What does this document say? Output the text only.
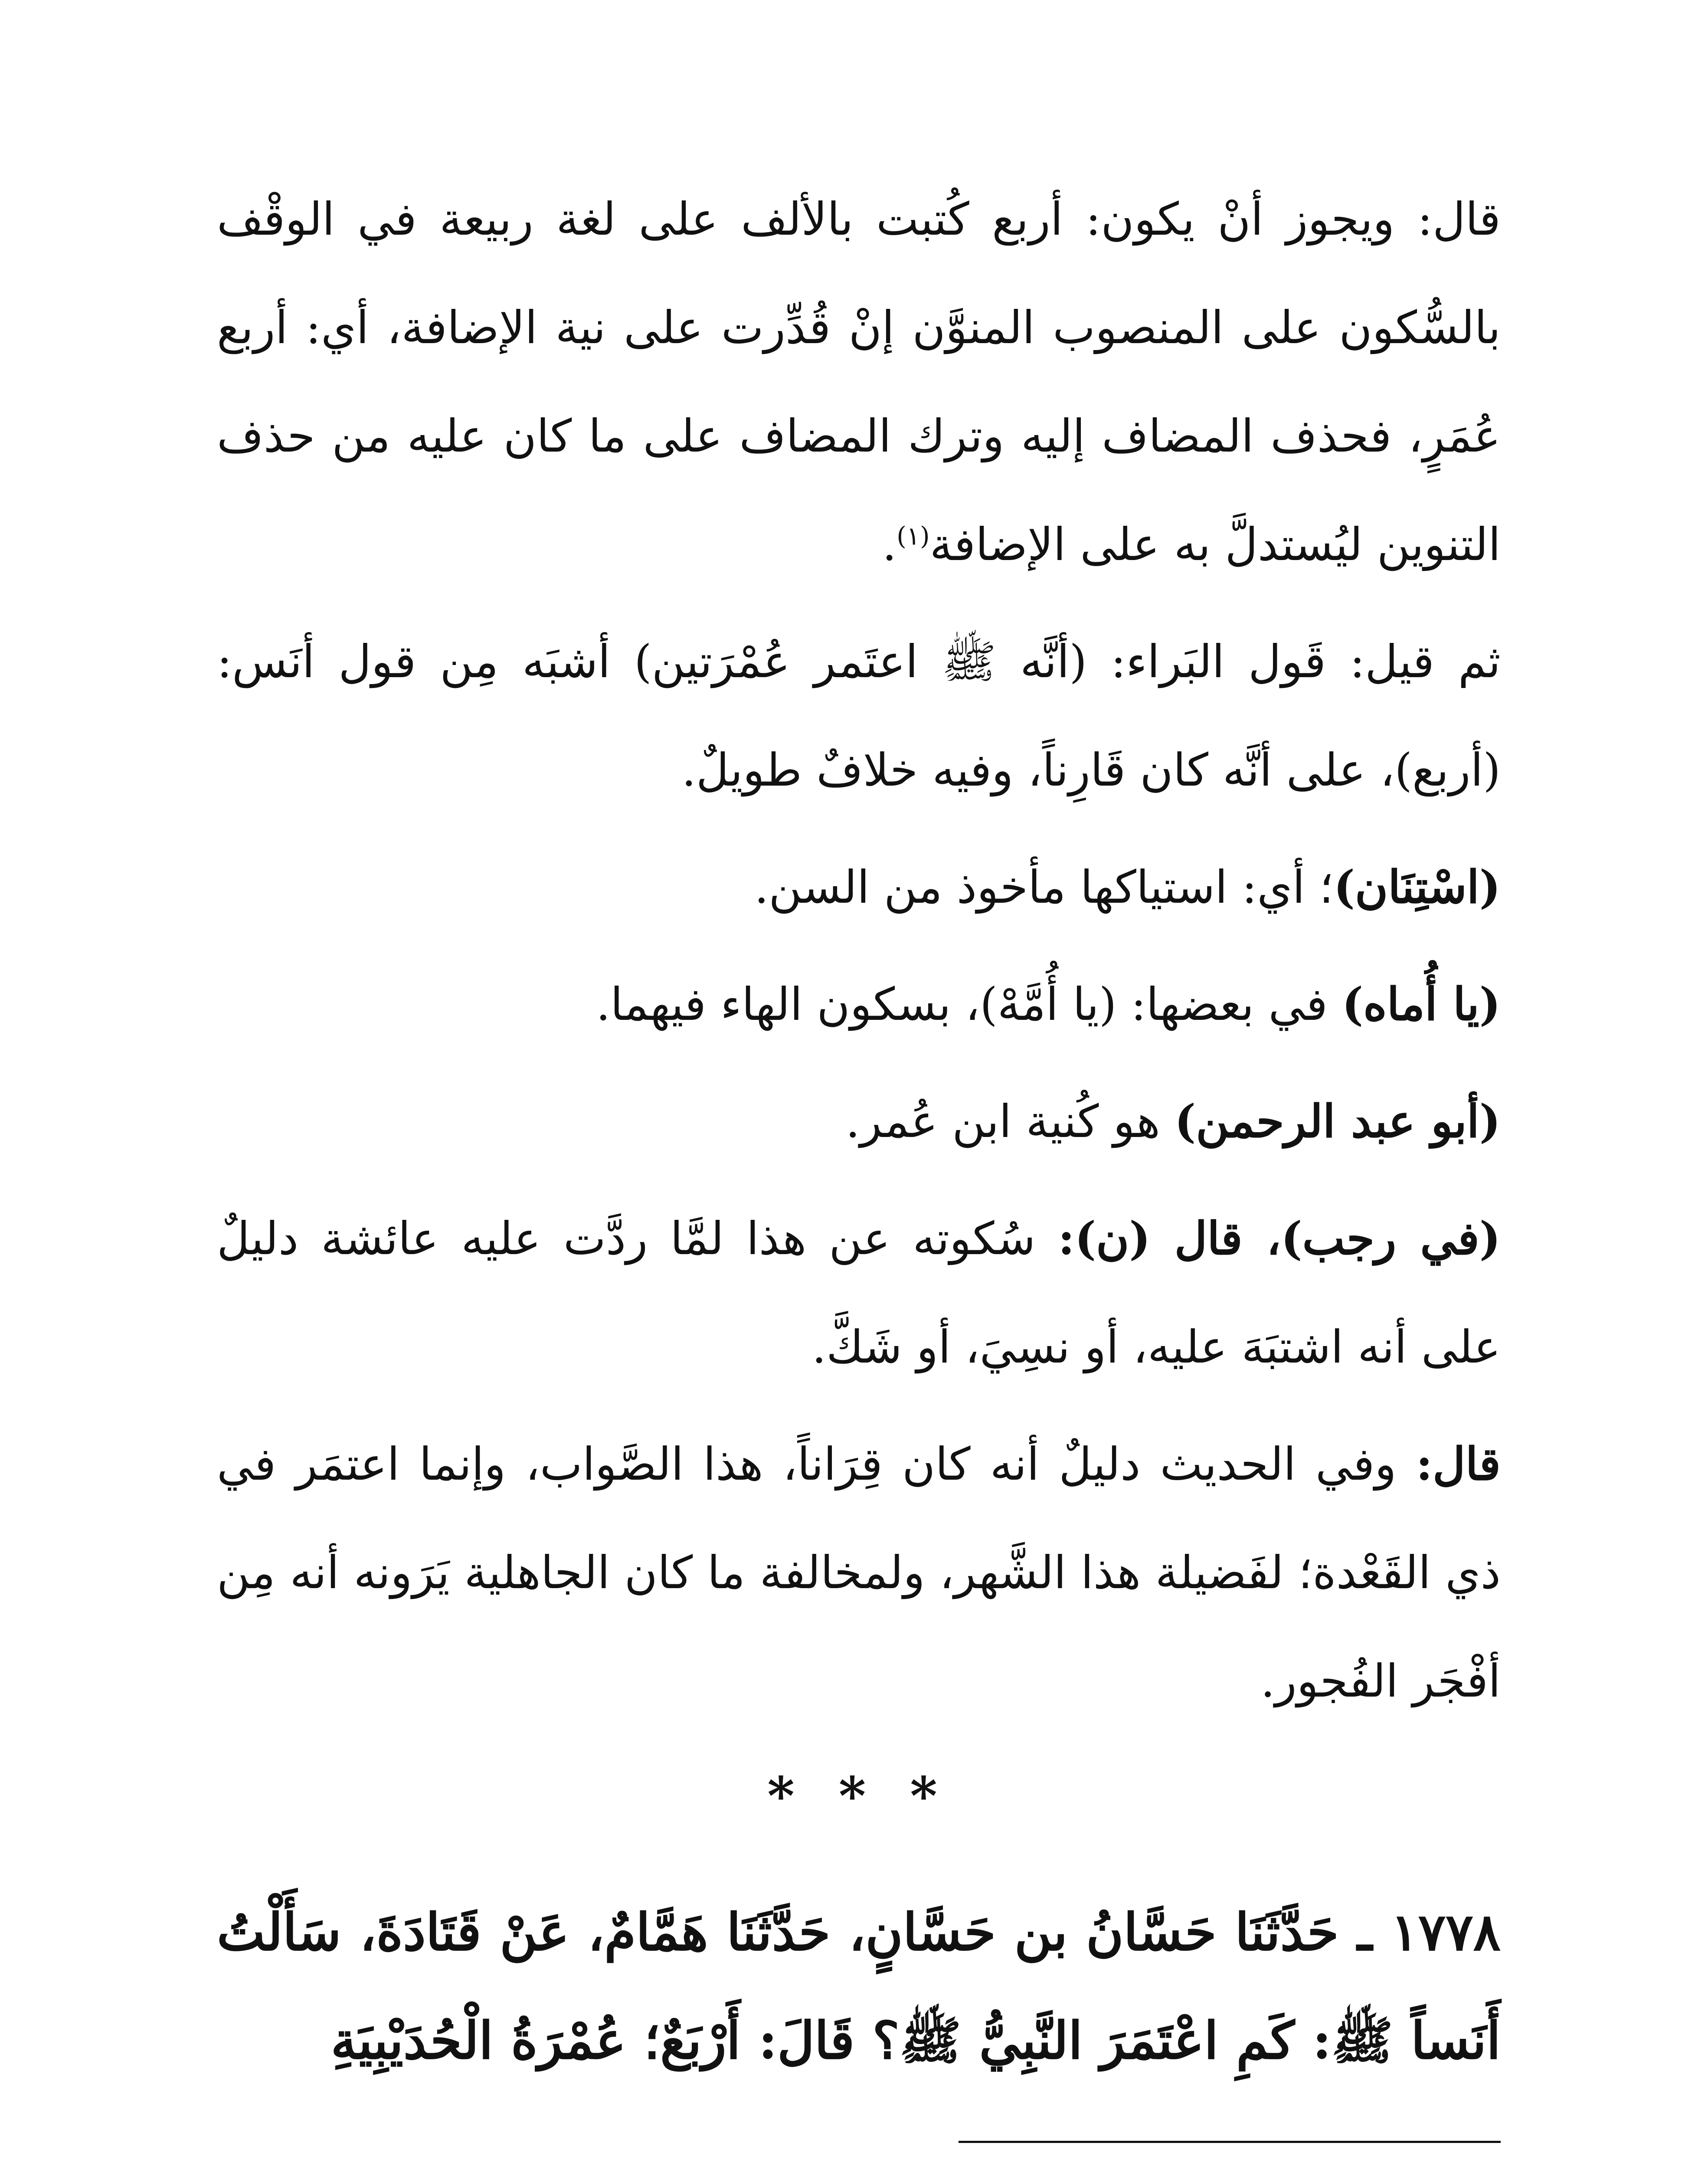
قال: ويجوز أنْ يكون: أربع كُتبت بالألف على لغة ربيعة في الوقْف بالسُّكون على المنصوب المنوَّن إنْ قُدِّرت على نية الإضافة، أي: أربع عُمَرٍ، فحذف المضاف إليه وترك المضاف على ما كان عليه من حذف التنوين ليُستدلَّ به على الإضافة$^{(١)}$.

ثم قيل: قَول البَراء: (أنَّه ﷺ اعتَمر عُمْرَتين) أشبَه مِن قول أنَس: (أربع)، على أنَّه كان قَارِناً، وفيه خلافٌ طويلٌ.

(اسْتِنَان)؛ أي: استياكها مأخوذ من السن.

(يا أُماه) في بعضها: (يا أُمَّهْ)، بسكون الهاء فيهما.

(أبو عبد الرحمن) هو كُنية ابن عُمر.

(في رجب)، قال (ن): سُكوته عن هذا لمَّا ردَّت عليه عائشة دليلٌ على أنه اشتبَهَ عليه، أو نسِيَ، أو شَكَّ.

قال: وفي الحديث دليلٌ أنه كان قِرَاناً، هذا الصَّواب، وإنما اعتمَر في ذي القَعْدة؛ لفَضيلة هذا الشَّهر، ولمخالفة ما كان الجاهلية يَرَونه أنه مِن أفْجَر الفُجور.

* * *

١٧٧٨ ـ حَدَّثَنَا حَسَّانُ بن حَسَّانٍ، حَدَّثَنَا هَمَّامٌ، عَنْ قَتَادَةَ، سَأَلْتُ أَنَساً ﷺ: كَمِ اعْتَمَرَ النَّبِيُّ ﷺ؟ قَالَ: أَرْبَعٌ؛ عُمْرَةُ الْحُدَيْبِيَةِ
